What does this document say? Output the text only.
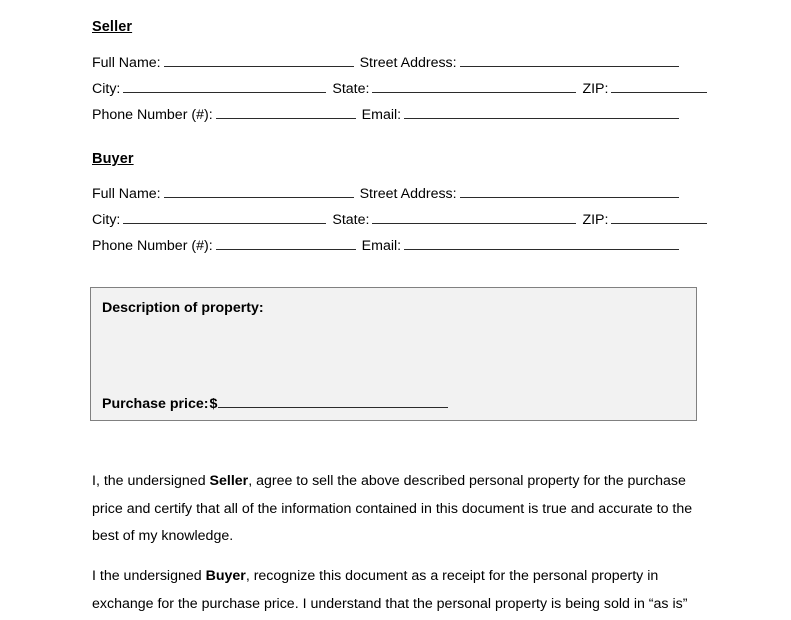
Seller
Full Name:	Street Address:
City:	State:	ZIP:
Phone Number (#):	Email:
Buyer
Full Name:	Street Address:
City:	State:	ZIP:
Phone Number (#):	Email:
Description of property:
Purchase price: $
I, the undersigned Seller, agree to sell the above described personal property for the purchase price and certify that all of the information contained in this document is true and accurate to the best of my knowledge.
I the undersigned Buyer, recognize this document as a receipt for the personal property in exchange for the purchase price. I understand that the personal property is being sold in “as is”
